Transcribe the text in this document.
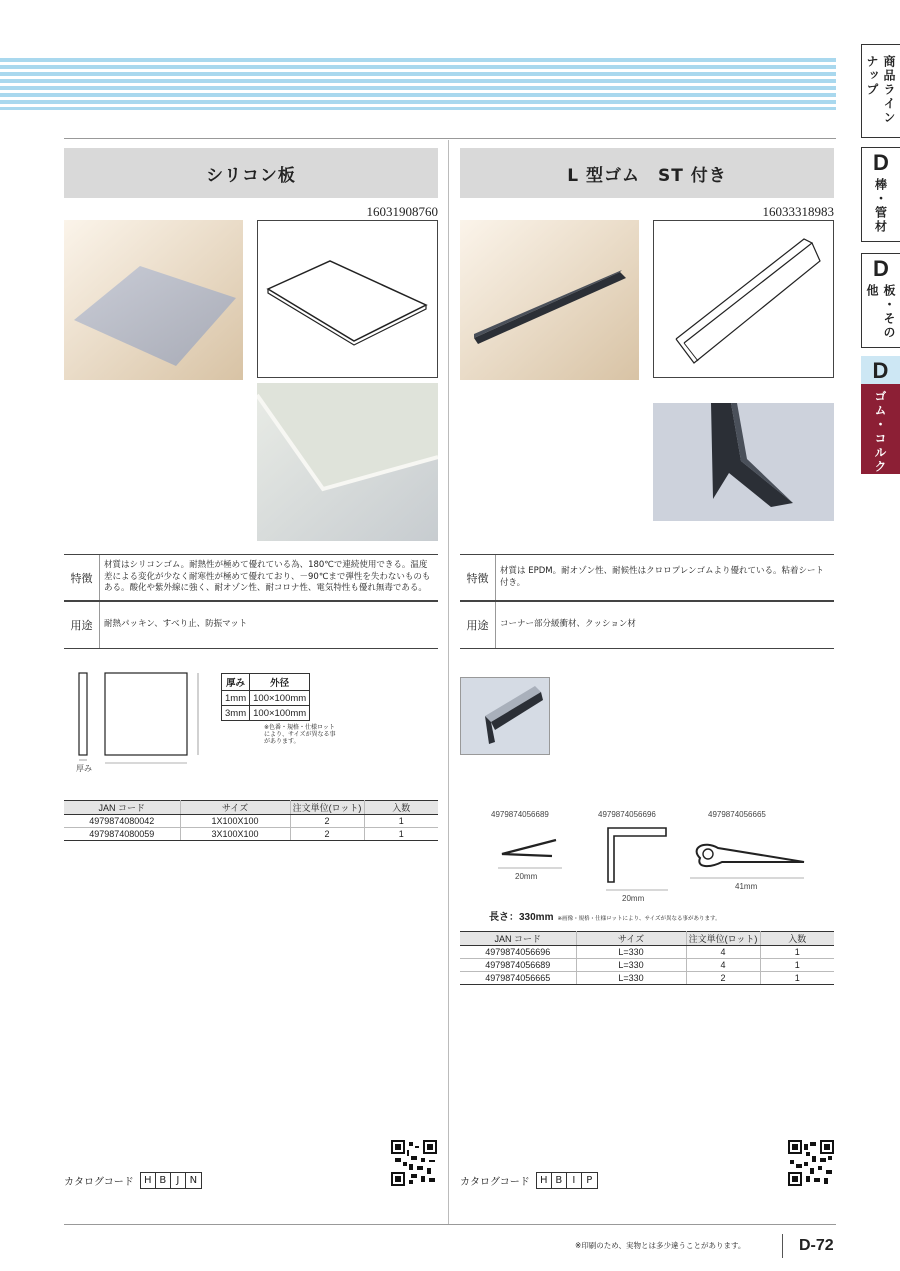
商品ラインナップ
D
棒・管材
D
板・その他
D
ゴム・コルク
シリコン板
16031908760
特徴
材質はシリコンゴム。耐熱性が極めて優れている為、180℃で連続使用できる。温度差による変化が少なく耐寒性が極めて優れており、－90℃まで弾性を失わないものもある。酸化や紫外線に強く、耐オゾン性、耐コロナ性、電気特性も優れ無毒である。
用途	耐熱パッキン、すべり止、防振マット
厚み
厚み	外径
1mm	100×100mm
3mm	100×100mm
※色番・規格・仕様ロットにより、サイズが異なる事があります。
JAN コード	サイズ	注文単位(ロット)	入数
4979874080042	1X100X100	2	1
4979874080059	3X100X100	2	1
カタログコード	H B	J	N
L 型ゴム　ST 付き
16033318983
特徴
材質は EPDM。耐オゾン性、耐候性はクロロプレンゴムより優れている。粘着シート付き。
用途	コーナー部分緩衝材、クッション材
4979874056689	4979874056696	4979874056665
20mm
20mm
41mm
長さ：330mm ※画像・規格・仕様ロットにより、サイズが異なる事があります。
JAN コード	サイズ	注文単位(ロット)	入数
4979874056696	L=330	4	1
4979874056689	L=330	4	1
4979874056665	L=330	2	1
カタログコード	H B	I	P
※印刷のため、実物とは多少違うことがあります。	D-72
